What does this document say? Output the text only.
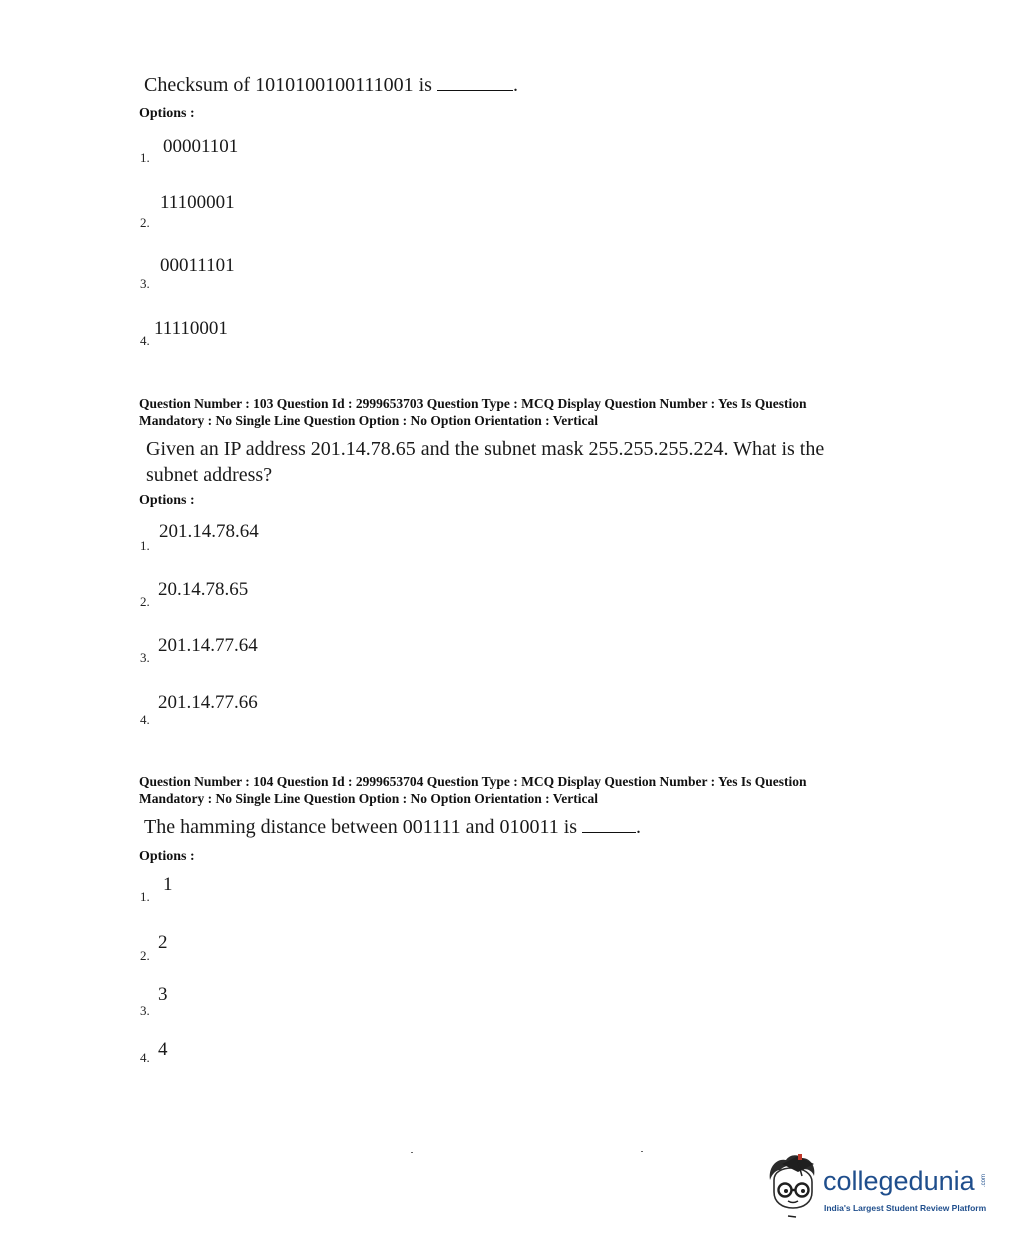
Checksum of 1010100100111001 is	.
Options :
1.
00001101
2.
11100001
3.
00011101
4.
11110001
Question Number : 103 Question Id : 2999653703 Question Type : MCQ Display Question Number : Yes Is Question
Mandatory : No Single Line Question Option : No Option Orientation : Vertical
Given an IP address 201.14.78.65 and the subnet mask 255.255.255.224. What is the
subnet address?
Options :
1.
201.14.78.64
2.
20.14.78.65
3.
201.14.77.64
4.
201.14.77.66
Question Number : 104 Question Id : 2999653704 Question Type : MCQ Display Question Number : Yes Is Question
Mandatory : No Single Line Question Option : No Option Orientation : Vertical
The hamming distance between 001111 and 010011 is	.
Options :
1.
1
2.
2
3.
3
4. 4
collegedunia .com
India's Largest Student Review Platform
